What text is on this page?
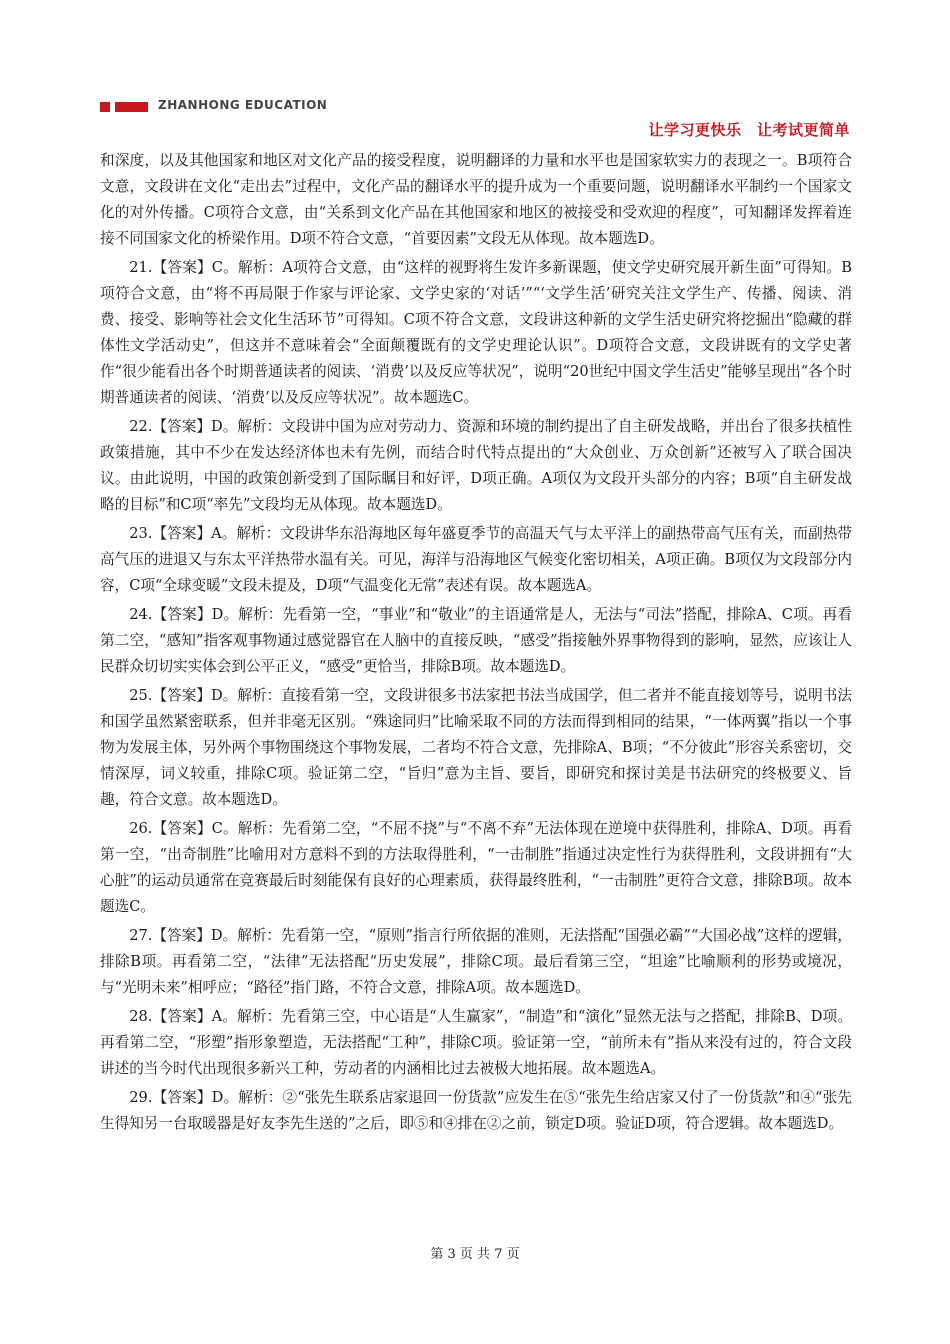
ZHANHONG EDUCATION
让学习更快乐　让考试更简单

和深度，以及其他国家和地区对文化产品的接受程度，说明翻译的力量和水平也是国家软实力的表现之一。B项符合文意，文段讲在文化“走出去”过程中，文化产品的翻译水平的提升成为一个重要问题，说明翻译水平制约一个国家文化的对外传播。C项符合文意，由“关系到文化产品在其他国家和地区的被接受和受欢迎的程度”，可知翻译发挥着连接不同国家文化的桥梁作用。D项不符合文意，“首要因素”文段无从体现。故本题选D。

21.【答案】C。解析：A项符合文意，由“这样的视野将生发许多新课题，使文学史研究展开新生面”可得知。B项符合文意，由“将不再局限于作家与评论家、文学史家的‘对话’”“‘文学生活’研究关注文学生产、传播、阅读、消费、接受、影响等社会文化生活环节”可得知。C项不符合文意，文段讲这种新的文学生活史研究将挖掘出“隐藏的群体性文学活动史”，但这并不意味着会“全面颠覆既有的文学史理论认识”。D项符合文意，文段讲既有的文学史著作“很少能看出各个时期普通读者的阅读、‘消费’以及反应等状况”，说明“20世纪中国文学生活史”能够呈现出“各个时期普通读者的阅读、‘消费’以及反应等状况”。故本题选C。

22.【答案】D。解析：文段讲中国为应对劳动力、资源和环境的制约提出了自主研发战略，并出台了很多扶植性政策措施，其中不少在发达经济体也未有先例，而结合时代特点提出的“大众创业、万众创新”还被写入了联合国决议。由此说明，中国的政策创新受到了国际瞩目和好评，D项正确。A项仅为文段开头部分的内容；B项“自主研发战略的目标”和C项“率先”文段均无从体现。故本题选D。

23.【答案】A。解析：文段讲华东沿海地区每年盛夏季节的高温天气与太平洋上的副热带高气压有关，而副热带高气压的进退又与东太平洋热带水温有关。可见，海洋与沿海地区气候变化密切相关，A项正确。B项仅为文段部分内容，C项“全球变暖”文段未提及，D项“气温变化无常”表述有误。故本题选A。

24.【答案】D。解析：先看第一空，“事业”和“敬业”的主语通常是人，无法与“司法”搭配，排除A、C项。再看第二空，“感知”指客观事物通过感觉器官在人脑中的直接反映，“感受”指接触外界事物得到的影响，显然，应该让人民群众切切实实体会到公平正义，“感受”更恰当，排除B项。故本题选D。

25.【答案】D。解析：直接看第一空，文段讲很多书法家把书法当成国学，但二者并不能直接划等号，说明书法和国学虽然紧密联系，但并非毫无区别。“殊途同归”比喻采取不同的方法而得到相同的结果，“一体两翼”指以一个事物为发展主体，另外两个事物围绕这个事物发展，二者均不符合文意，先排除A、B项；“不分彼此”形容关系密切，交情深厚，词义较重，排除C项。验证第二空，“旨归”意为主旨、要旨，即研究和探讨美是书法研究的终极要义、旨趣，符合文意。故本题选D。

26.【答案】C。解析：先看第二空，“不屈不挠”与“不离不弃”无法体现在逆境中获得胜利，排除A、D项。再看第一空，“出奇制胜”比喻用对方意料不到的方法取得胜利，“一击制胜”指通过决定性行为获得胜利，文段讲拥有“大心脏”的运动员通常在竞赛最后时刻能保有良好的心理素质，获得最终胜利，“一击制胜”更符合文意，排除B项。故本题选C。

27.【答案】D。解析：先看第一空，“原则”指言行所依据的准则，无法搭配“国强必霸”“大国必战”这样的逻辑，排除B项。再看第二空，“法律”无法搭配“历史发展”，排除C项。最后看第三空，“坦途”比喻顺利的形势或境况，与“光明未来”相呼应；“路径”指门路，不符合文意，排除A项。故本题选D。

28.【答案】A。解析：先看第三空，中心语是“人生赢家”，“制造”和“演化”显然无法与之搭配，排除B、D项。再看第二空，“形塑”指形象塑造，无法搭配“工种”，排除C项。验证第一空，“前所未有”指从来没有过的，符合文段讲述的当今时代出现很多新兴工种，劳动者的内涵相比过去被极大地拓展。故本题选A。

29.【答案】D。解析：②“张先生联系店家退回一份货款”应发生在⑤“张先生给店家又付了一份货款”和④“张先生得知另一台取暖器是好友李先生送的”之后，即⑤和④排在②之前，锁定D项。验证D项，符合逻辑。故本题选D。

第 3 页 共 7 页
